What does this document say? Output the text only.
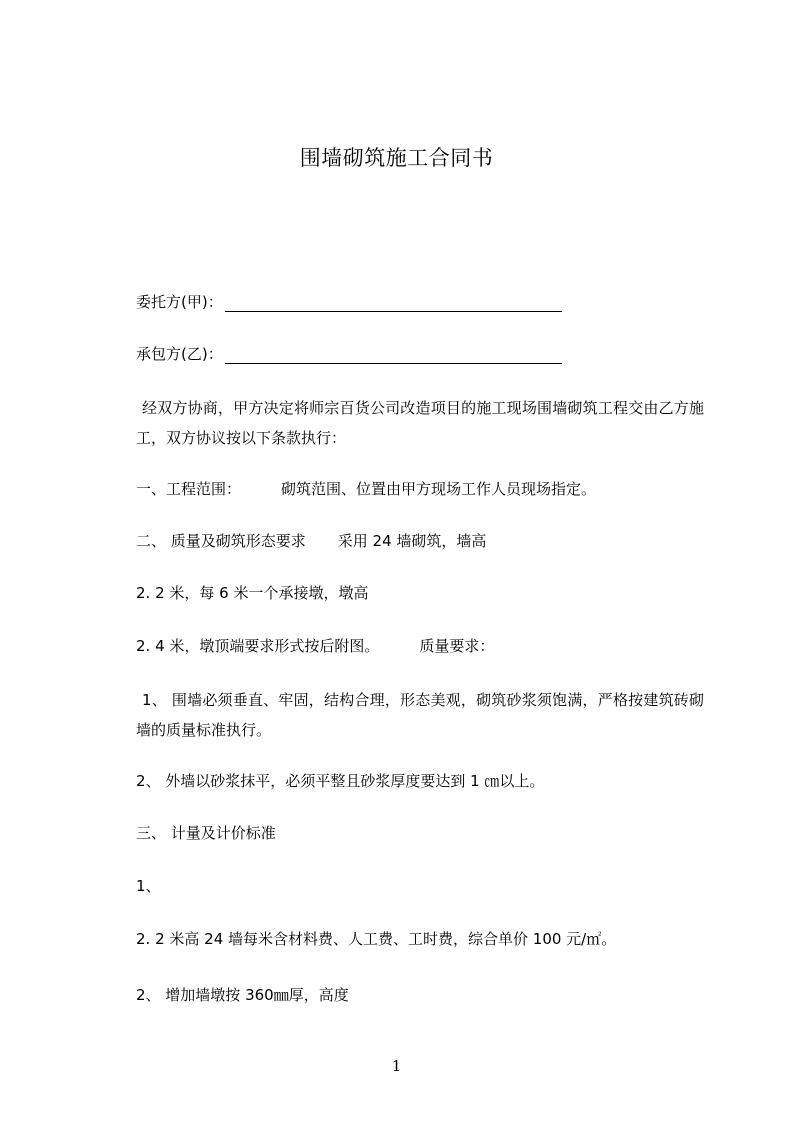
围墙砌筑施工合同书
委托方(甲)：
承包方(乙)：
经双方协商，甲方决定将师宗百货公司改造项目的施工现场围墙砌筑工程交由乙方施工，双方协议按以下条款执行：
一、工程范围：	砌筑范围、位置由甲方现场工作人员现场指定。
二、 质量及砌筑形态要求 采用 24 墙砌筑，墙高
2. 2 米，每 6 米一个承接墩，墩高
2. 4 米，墩顶端要求形式按后附图。	质量要求：
1、 围墙必须垂直、牢固，结构合理，形态美观，砌筑砂浆须饱满，严格按建筑砖砌墙的质量标准执行。
2、 外墙以砂浆抹平，必须平整且砂浆厚度要达到 1 ㎝以上。
三、 计量及计价标准
1、
2. 2 米高 24 墙每米含材料费、人工费、工时费，综合单价 100 元/㎡。
2、 增加墙墩按 360㎜厚，高度
1
